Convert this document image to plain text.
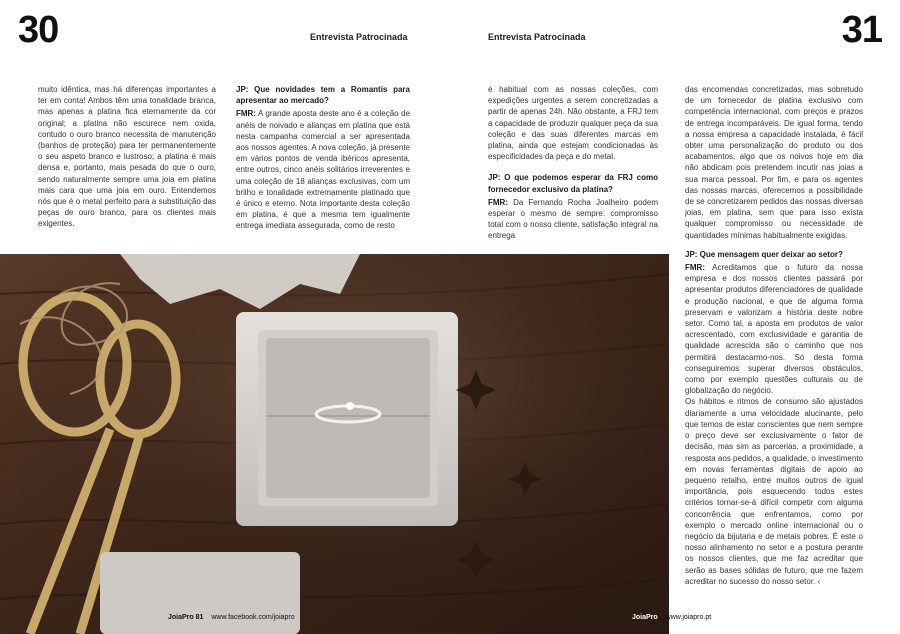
30	31
Entrevista Patrocinada	Entrevista Patrocinada

muito idêntica, mas há diferenças importantes a ter em conta! Ambos têm uma tonalidade branca, mas apenas a platina fica eternamente da cor original; a platina não escurece nem oxida, contudo o ouro branco necessita de manutenção (banhos de proteção) para ter permanentemente o seu aspeto branco e lustroso; a platina é mais densa e, portanto, mais pesada do que o ouro, sendo naturalmente sempre uma joia em platina mais cara que uma joia em ouro. Entendemos nós que é o metal perfeito para a substituição das peças de ouro branco, para os clientes mais exigentes.

JP: Que novidades tem a Romantis para apresentar ao mercado?

FMR: A grande aposta deste ano é a coleção de anéis de noivado e alianças em platina que está nesta campanha comercial a ser apresentada aos nossos agentes. A nova coleção, já presente em vários pontos de venda ibéricos apresenta, entre outros, cinco anéis solitários irreverentes e uma coleção de 18 alianças exclusivas, com um brilho e tonalidade extremamente platinado que é único e eterno. Nota importante desta coleção em platina, é que a mesma tem igualmente entrega imediata assegurada, como de resto

é habitual com as nossas coleções, com expedições urgentes a serem concretizadas a partir de apenas 24h. Não obstante, a FRJ tem a capacidade de produzir qualquer peça da sua coleção e das suas diferentes marcas em platina, ainda que estejam condicionadas às especificidades da peça e do metal.

JP: O que podemos esperar da FRJ como fornecedor exclusivo da platina?

FMR: Da Fernando Rocha Joalheiro podem esperar o mesmo de sempre: compromisso total com o nosso cliente, satisfação integral na entrega

das encomendas concretizadas, mas sobretudo de um fornecedor de platina exclusivo com competência internacional, com preços e prazos de entrega incomparáveis. De igual forma, tendo a nossa empresa a capacidade instalada, é fácil obter uma personalização do produto ou dos acabamentos, algo que os noivos hoje em dia não abdicam pois pretendem incutir nas joias a sua marca pessoal. Por fim, e para os agentes das nossas marcas, oferecemos a possibilidade de se concretizarem pedidos das nossas diversas joias, em platina, sem que para isso exista qualquer compromisso ou necessidade de quantidades mínimas habitualmente exigidas.

JP: Que mensagem quer deixar ao setor?

FMR: Acreditamos que o futuro da nossa empresa e dos nossos clientes passará por apresentar produtos diferenciadores de qualidade e produção nacional, e que de alguma forma preservam e valorizam a história deste nobre setor. Como tal, a aposta em produtos de valor acrescentado, com exclusividade e garantia de qualidade acrescida são o caminho que nos permitirá destacarmo-nos. Só desta forma conseguiremos superar diversos obstáculos, como por exemplo questões culturais ou de globalização do negócio.

Os hábitos e ritmos de consumo são ajustados diariamente a uma velocidade alucinante, pelo que temos de estar conscientes que nem sempre o preço deve ser exclusivamente o fator de decisão, mas sim as parcerias, a proximidade, a resposta aos pedidos, a qualidade, o investimento em novas ferramentas digitais de apoio ao pequeno retalho, entre muitos outros de igual importância, pois esquecendo todos estes critérios tornar-se-á difícil competir com alguma concorrência que enfrentamos, como por exemplo o mercado online internacional ou o negócio da bijutaria e de metais pobres. É este o nosso alinhamento no setor e a postura perante os nossos clientes, que me faz acreditar que serão as bases sólidas de futuro, que me fazem acreditar no sucesso do nosso setor. ‹

JoiaPro 81 www.facebook.com/joiapro	JoiaPro www.joiapro.pt
